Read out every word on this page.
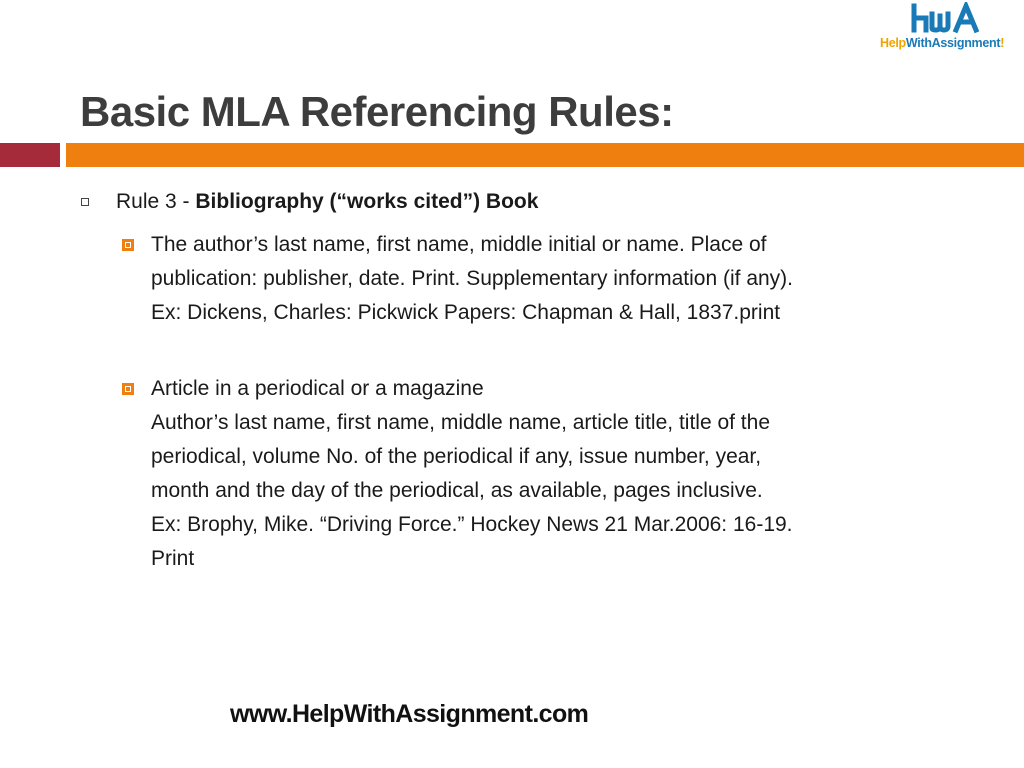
HelpWithAssignment!
Basic MLA Referencing Rules:
Rule 3 - Bibliography (“works cited”) Book
The author’s last name, first name, middle initial or name. Place of
publication: publisher, date. Print. Supplementary information (if any).
Ex: Dickens, Charles: Pickwick Papers: Chapman & Hall, 1837.print
Article in a periodical or a magazine
Author’s last name, first name, middle name, article title, title of the
periodical, volume No. of the periodical if any, issue number, year,
month and the day of the periodical, as available, pages inclusive.
Ex: Brophy, Mike. “Driving Force.” Hockey News 21 Mar.2006: 16-19.
Print
www.HelpWithAssignment.com
